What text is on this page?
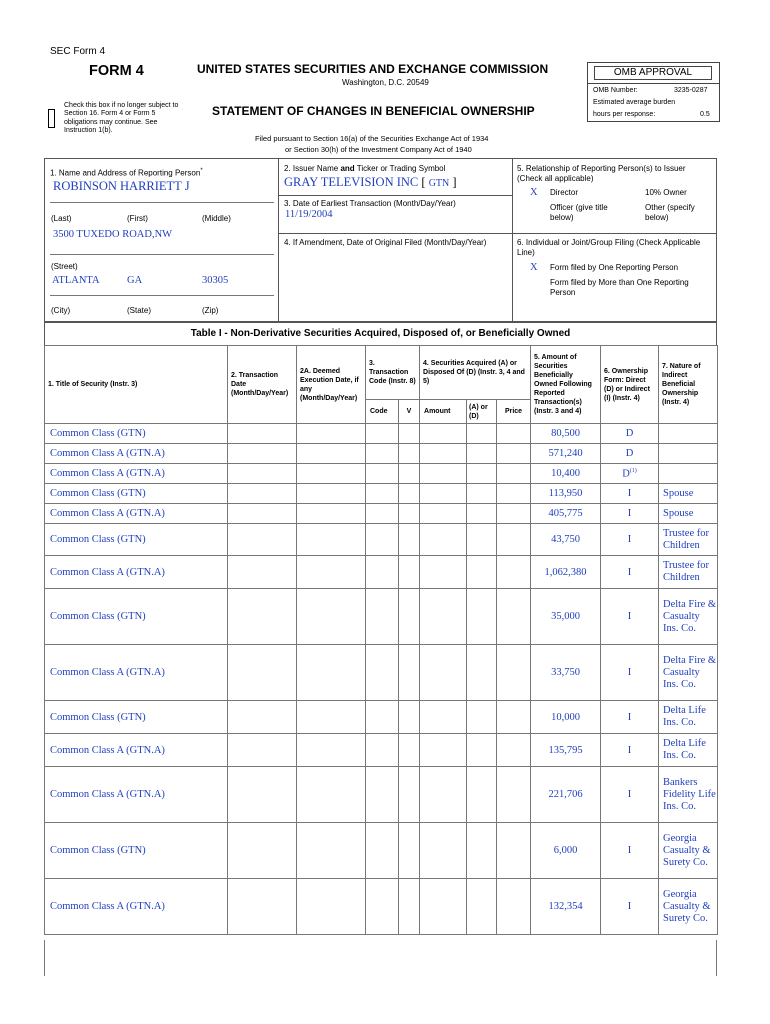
SEC Form 4
FORM 4	UNITED STATES SECURITIES AND EXCHANGE COMMISSION
Washington, D.C. 20549
STATEMENT OF CHANGES IN BENEFICIAL OWNERSHIP
Check this box if no longer subject to Section 16. Form 4 or Form 5 obligations may continue. See Instruction 1(b).
Filed pursuant to Section 16(a) of the Securities Exchange Act of 1934
or Section 30(h) of the Investment Company Act of 1940
OMB APPROVAL
OMB Number:	3235-0287
Estimated average burden
hours per response:	0.5
1. Name and Address of Reporting Person*
ROBINSON HARRIETT J
(Last)	(First)	(Middle)
3500 TUXEDO ROAD,NW
(Street)
ATLANTA	GA	30305
(City)	(State)	(Zip)
2. Issuer Name and Ticker or Trading Symbol
GRAY TELEVISION INC [ GTN ]
3. Date of Earliest Transaction (Month/Day/Year)
11/19/2004
4. If Amendment, Date of Original Filed (Month/Day/Year)
5. Relationship of Reporting Person(s) to Issuer (Check all applicable)
X Director	10% Owner
Officer (give title below)
Other (specify below)
6. Individual or Joint/Group Filing (Check Applicable Line)
X Form filed by One Reporting Person
Form filed by More than One Reporting Person
Table I - Non-Derivative Securities Acquired, Disposed of, or Beneficially Owned
1. Title of Security (Instr. 3)	2. Transaction Date (Month/Day/Year)	2A. Deemed Execution Date, if any (Month/Day/Year)	3. Transaction Code (Instr. 8)		4. Securities Acquired (A) or Disposed Of (D) (Instr. 3, 4 and 5)			5. Amount of Securities Beneficially Owned Following Reported Transaction(s) (Instr. 3 and 4)	6. Ownership Form: Direct (D) or Indirect (I) (Instr. 4)	7. Nature of Indirect Beneficial Ownership (Instr. 4)
			Code	V	Amount	(A) or (D)	Price			
Common Class (GTN)								80,500	D	
Common Class A (GTN.A)								571,240	D	
Common Class A (GTN.A)								10,400	$D^{(1)}$	
Common Class (GTN)								113,950	I	Spouse
Common Class A (GTN.A)								405,775	I	Spouse
Common Class (GTN)								43,750	I	Trustee for Children
Common Class A (GTN.A)								1,062,380	I	Trustee for Children
Common Class (GTN)								35,000	I	Delta Fire & Casualty Ins. Co.
Common Class A (GTN.A)								33,750	I	Delta Fire & Casualty Ins. Co.
Common Class (GTN)								10,000	I	Delta Life Ins. Co.
Common Class A (GTN.A)								135,795	I	Delta Life Ins. Co.
Common Class A (GTN.A)								221,706	I	Bankers Fidelity Life Ins. Co.
Common Class (GTN)								6,000	I	Georgia Casualty & Surety Co.
Common Class A (GTN.A)								132,354	I	Georgia Casualty & Surety Co.
